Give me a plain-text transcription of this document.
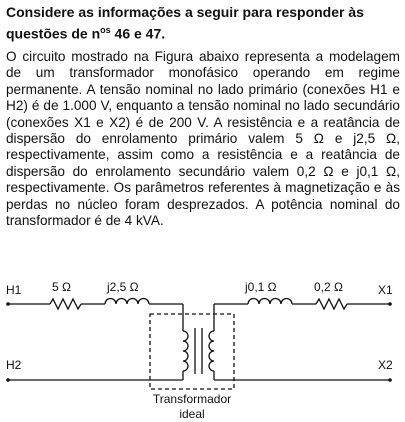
Considere as informações a seguir para responder às questões de $n^{os}$ 46 e 47.

O circuito mostrado na Figura abaixo representa a modelagem de um transformador monofásico operando em regime permanente. A tensão nominal no lado primário (conexões H1 e H2) é de 1.000 V, enquanto a tensão nominal no lado secundário (conexões X1 e X2) é de 200 V. A resistência e a reatância de dispersão do enrolamento primário valem 5 Ω e j2,5 Ω, respectivamente, assim como a resistência e a reatância de dispersão do enrolamento secundário valem 0,2 Ω e j0,1 Ω, respectivamente. Os parâmetros referentes à magnetização e às perdas no núcleo foram desprezados. A potência nominal do transformador é de 4 kVA.

H1
H2
X1
X2
5 Ω	j2,5 Ω	j0,1 Ω	0,2 Ω
Transformador
ideal
